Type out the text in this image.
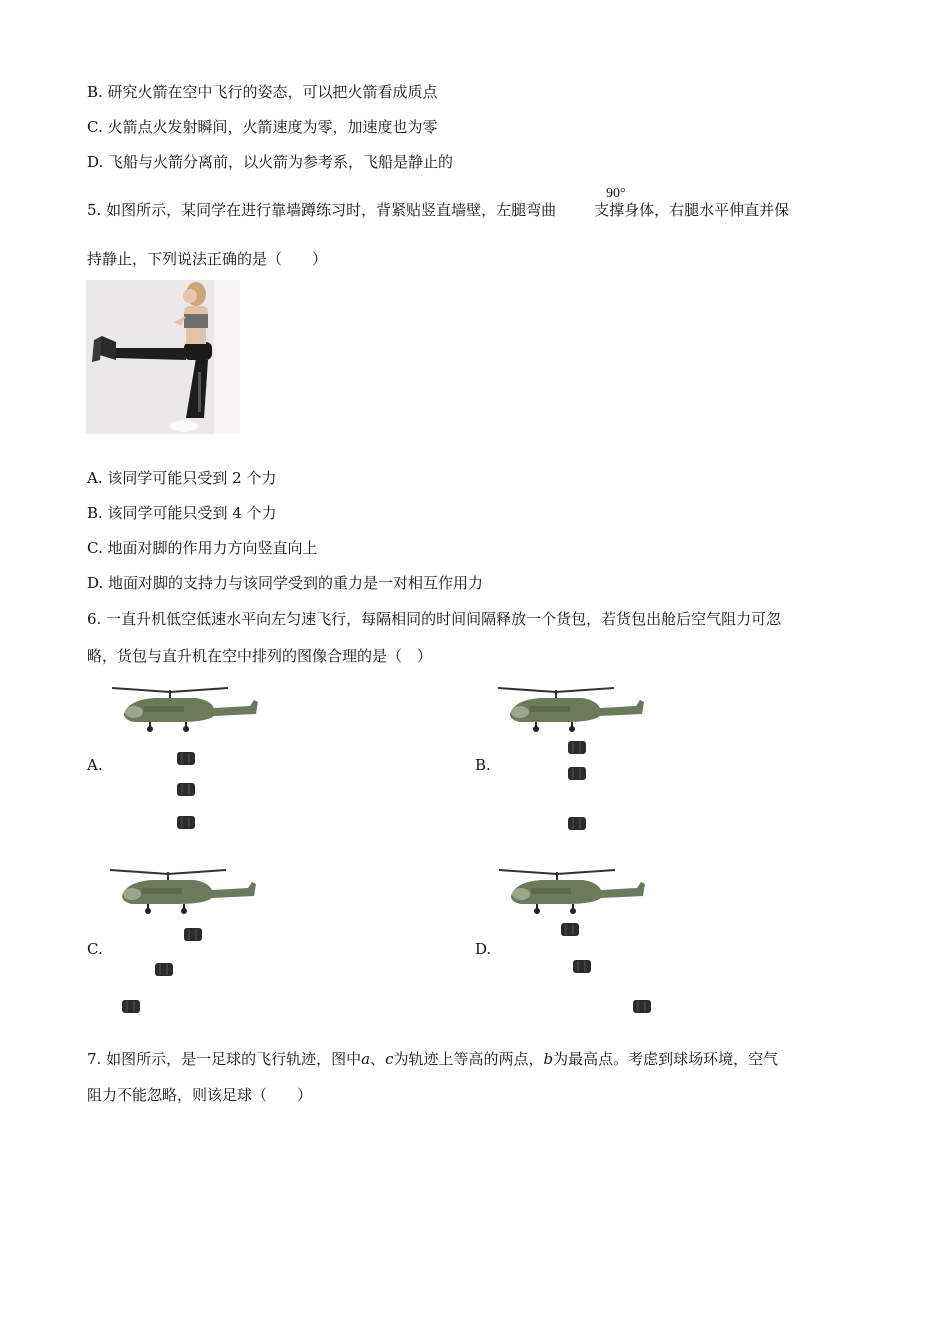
B. 研究火箭在空中飞行的姿态，可以把火箭看成质点
C. 火箭点火发射瞬间，火箭速度为零，加速度也为零
D. 飞船与火箭分离前，以火箭为参考系，飞船是静止的
5. 如图所示，某同学在进行靠墙蹲练习时，背紧贴竖直墙壁，左腿弯曲	支撑身体，右腿水平伸直并保
90°
持静止，下列说法正确的是（　　）
A. 该同学可能只受到 2 个力
B. 该同学可能只受到 4 个力
C. 地面对脚的作用力方向竖直向上
D. 地面对脚的支持力与该同学受到的重力是一对相互作用力
6. 一直升机低空低速水平向左匀速飞行，每隔相同的时间间隔释放一个货包，若货包出舱后空气阻力可忽
略，货包与直升机在空中排列的图像合理的是（　）
A.	B.
C.	D.
7. 如图所示，是一足球的飞行轨迹，图中a、c为轨迹上等高的两点，b为最高点。考虑到球场环境，空气
阻力不能忽略，则该足球（　　）
